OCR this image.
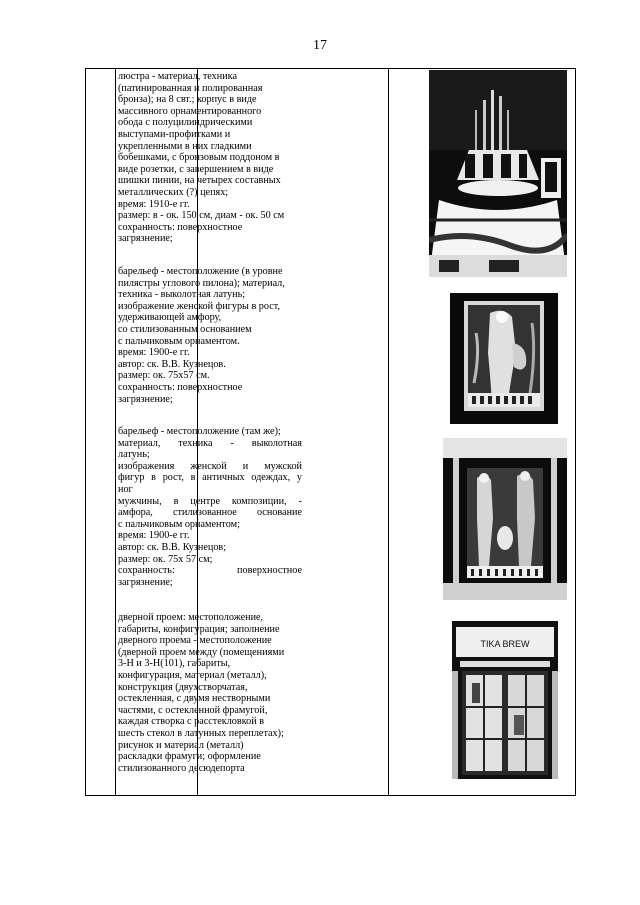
17

люстра - материал, техника

(патинированная и полированная

бронза); на 8 свт.; корпус в виде

массивного орнаментированного

обода с полуцилиндрическими

выступами-профитками и

укрепленными в них гладкими

бобешками, с бронзовым поддоном в

виде розетки, с завершением в виде

шишки пинии, на четырех составных

металлических (?) цепях;

время: 1910-е гг.

размер: в - ок. 150 см, диам - ок. 50 см

сохранность: поверхностное

загрязнение;

барельеф - местоположение (в уровне

пилястры углового пилона); материал,

техника - выколотная латунь;

изображение женской фигуры в рост,

удерживающей амфору,

со стилизованным основанием

с пальчиковым орнаментом.

время: 1900-е гг.

автор: ск. В.В. Кузнецов.

размер: ок. 75х57 см.

сохранность: поверхностное

загрязнение;

барельеф - местоположение (там же);

материал, техника - выколотная

латунь;

изображения женской и мужской

фигур в рост, в античных одеждах, у

ног

мужчины, в центре композиции, -

амфора, стилизованное основание

с пальчиковым орнаментом;

время: 1900-е гг.

автор: ск. В.В. Кузнецов;

размер: ок. 75х 57 см;

сохранность: поверхностное

загрязнение;

дверной проем: местоположение,

габариты, конфигурация; заполнение

дверного проема - местоположение

(дверной проем между (помещениями

3-Н и 3-Н(101), габариты,

конфигурация, материал (металл),

конструкция (двухстворчатая,

остекленная, с двумя нестворными

частями, с остекленной фрамугой,

каждая створка с расстекловкой в

шесть стекол в латунных переплетах);

рисунок и материал (металл)

раскладки фрамуги; оформление

стилизованного десюдепорта

TIKA BREW
